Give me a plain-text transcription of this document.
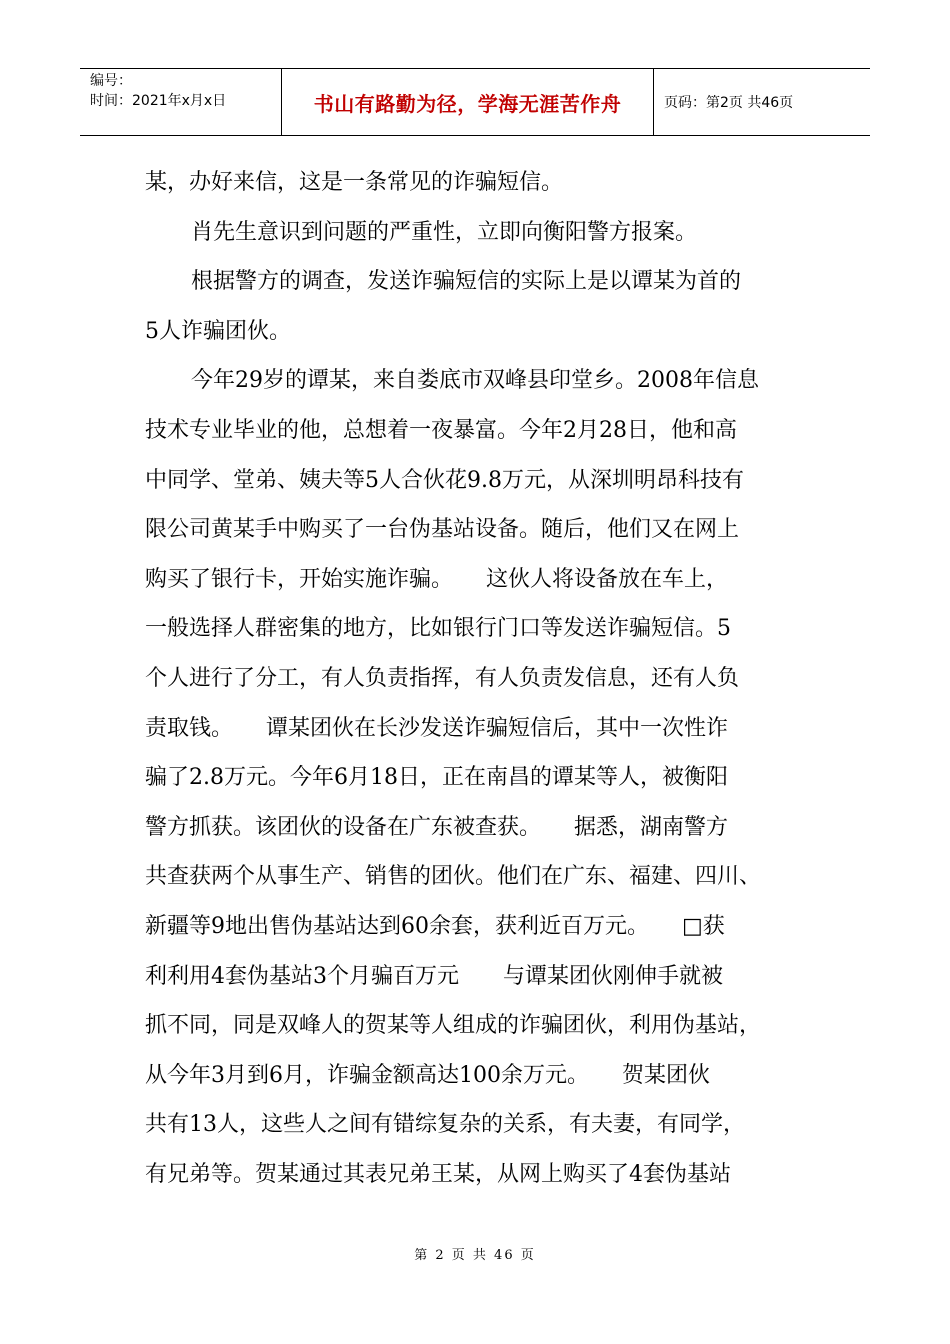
编号：
时间：2021年x月x日	书山有路勤为径，学海无涯苦作舟	页码：第2页 共46页

某，办好来信，这是一条常见的诈骗短信。

肖先生意识到问题的严重性，立即向衡阳警方报案。

根据警方的调查，发送诈骗短信的实际上是以谭某为首的

5人诈骗团伙。

今年29岁的谭某，来自娄底市双峰县印堂乡。2008年信息

技术专业毕业的他，总想着一夜暴富。今年2月28日，他和高

中同学、堂弟、姨夫等5人合伙花9.8万元，从深圳明昂科技有

限公司黄某手中购买了一台伪基站设备。随后，他们又在网上

购买了银行卡，开始实施诈骗。　　这伙人将设备放在车上，

一般选择人群密集的地方，比如银行门口等发送诈骗短信。5

个人进行了分工，有人负责指挥，有人负责发信息，还有人负

责取钱。　　谭某团伙在长沙发送诈骗短信后，其中一次性诈

骗了2.8万元。今年6月18日，正在南昌的谭某等人，被衡阳

警方抓获。该团伙的设备在广东被查获。　　据悉，湖南警方

共查获两个从事生产、销售的团伙。他们在广东、福建、四川、

新疆等9地出售伪基站达到60余套，获利近百万元。　　□获

利利用4套伪基站3个月骗百万元　　与谭某团伙刚伸手就被

抓不同，同是双峰人的贺某等人组成的诈骗团伙，利用伪基站，

从今年3月到6月，诈骗金额高达100余万元。　　贺某团伙

共有13人，这些人之间有错综复杂的关系，有夫妻，有同学，

有兄弟等。贺某通过其表兄弟王某，从网上购买了4套伪基站

第 2 页 共 46 页
